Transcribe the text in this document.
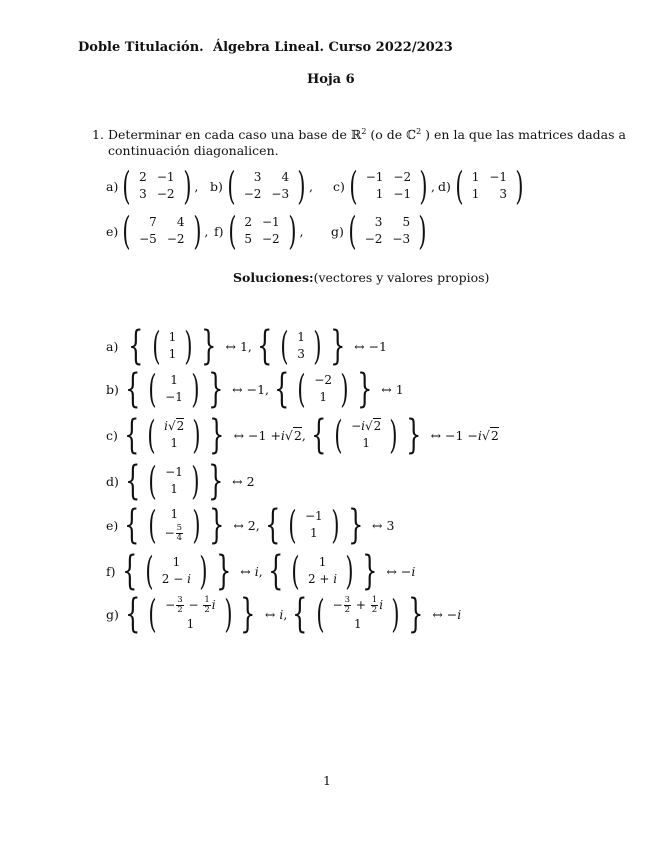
Doble Titulación. Álgebra Lineal. Curso 2022/2023
Hoja 6
1. Determinar en cada caso una base de ℝ$^2$ (o de ℂ$^2$ ) en la que las matrices dadas a
continuación diagonalicen.
a) ( 2	−1
3	−2 ) , b) ( 3	4
−2	−3 ) , c) ( −1	−2
1	−1 ) , d) ( 1	−1
1	3 )
e) ( 7	4
−5	−2 ) , f) ( 2	−1
5	−2 ) , g) ( 3	5
−2	−3 )
Soluciones:(vectores y valores propios)
a)
{ ( 1
1 ) }
↔
1, { ( 1
3 ) }
↔
−1
b) { ( 1
−1 ) }
↔
−1, { ( −2
1 ) }
↔
1
c) { ( i√2
1 ) }
↔
−1 + i √ 2 , { ( −i√2
1 ) }
↔
−1 − i √ 2
d) { ( −1
1 ) }
↔
2
e) { ( 1
− $\frac{5}{4}$ ) }
↔
2, { ( −1
1 ) }
↔
3
f) { ( 1
2 − i ) }
↔
i , { ( 1
2 + i ) }
↔
− i
g) { ( − $\frac{3}{2} - \frac{1}{2}$ i
1 ) }
↔
i , { ( − $\frac{3}{2} + \frac{1}{2}$ i
1 ) }
↔
− i
1
